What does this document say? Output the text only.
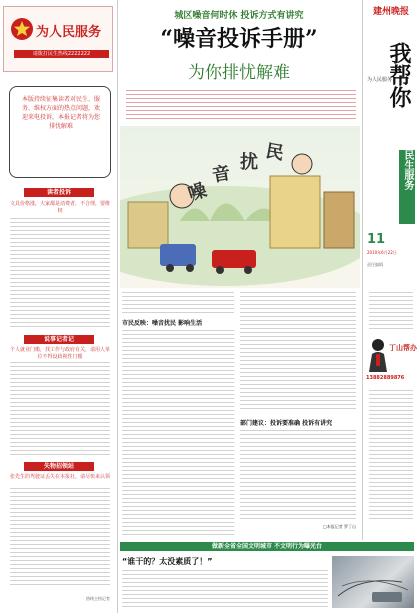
为人民服务
请拨打民生热线2222222
本版持续征集读者对民生、服务、维权方面的热点问题，欢迎来电投诉，本报记者将为您排忧解难
读者投诉
文具价格涨，大家都是消费者，不合理，要维权
说事记者记
个人就业门槛，找工作与政府有关，请用人单位不得设歧视性门槛
失物招领站
张先生的驾驶证丢失在本报社，请尽快来认领
热线主持记者
城区噪音何时休 投诉方式有讲究
“噪音投诉手册”
为你排忧解难
噪
音
扰 民
市民反映：噪音扰民 影响生活
部门建议：投诉要准确 投诉有讲究
□本报记者 罗丁山
建州晚报
为人民服务
我帮你
民生服务
11
2010年6月22日
责任编辑
丁山帮办
13882889876
做新全省全国文明城市 不文明行为曝光台
“谁干的？太没素质了！”
